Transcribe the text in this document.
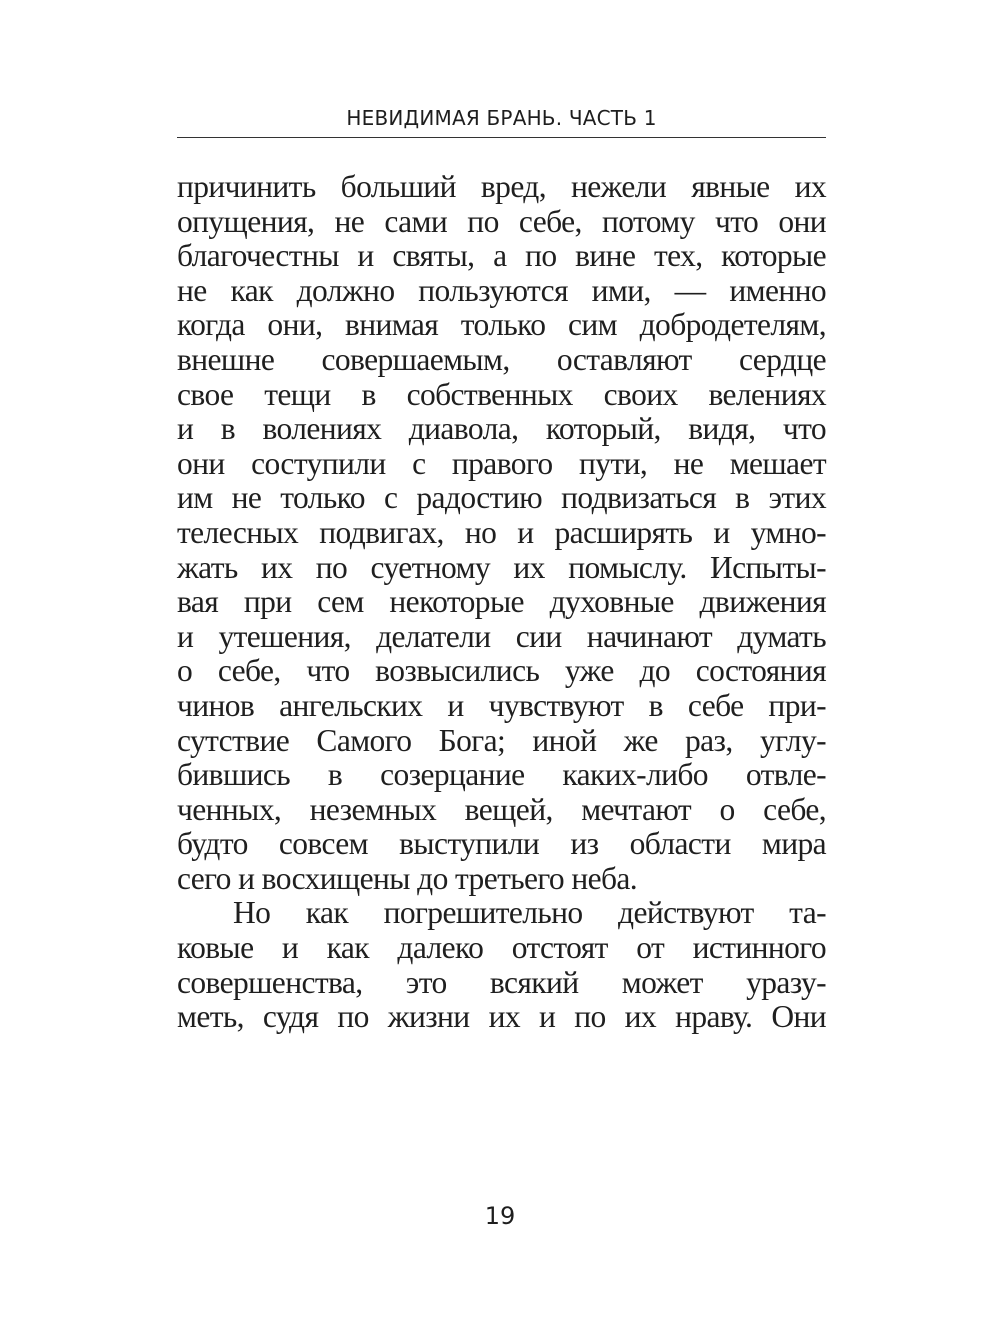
НЕВИДИМАЯ БРАНЬ. ЧАСТЬ 1
причинить больший вред, нежели явные их
опущения, не сами по себе, потому что они
благочестны и святы, а по вине тех, которые
не как должно пользуются ими, — именно
когда они, внимая только сим добродетелям,
внешне совершаемым, оставляют сердце
свое тещи в собственных своих велениях
и в волениях диавола, который, видя, что
они соступили с правого пути, не мешает
им не только с радостию подвизаться в этих
телесных подвигах, но и расширять и умно-
жать их по суетному их помыслу. Испыты-
вая при сем некоторые духовные движения
и утешения, делатели сии начинают думать
о себе, что возвысились уже до состояния
чинов ангельских и чувствуют в себе при-
сутствие Самого Бога; иной же раз, углу-
бившись в созерцание каких-либо отвле-
ченных, неземных вещей, мечтают о себе,
будто совсем выступили из области мира
сего и восхищены до третьего неба.
Но как погрешительно действуют та-
ковые и как далеко отстоят от истинного
совершенства, это всякий может уразу-
меть, судя по жизни их и по их нраву. Они
19
